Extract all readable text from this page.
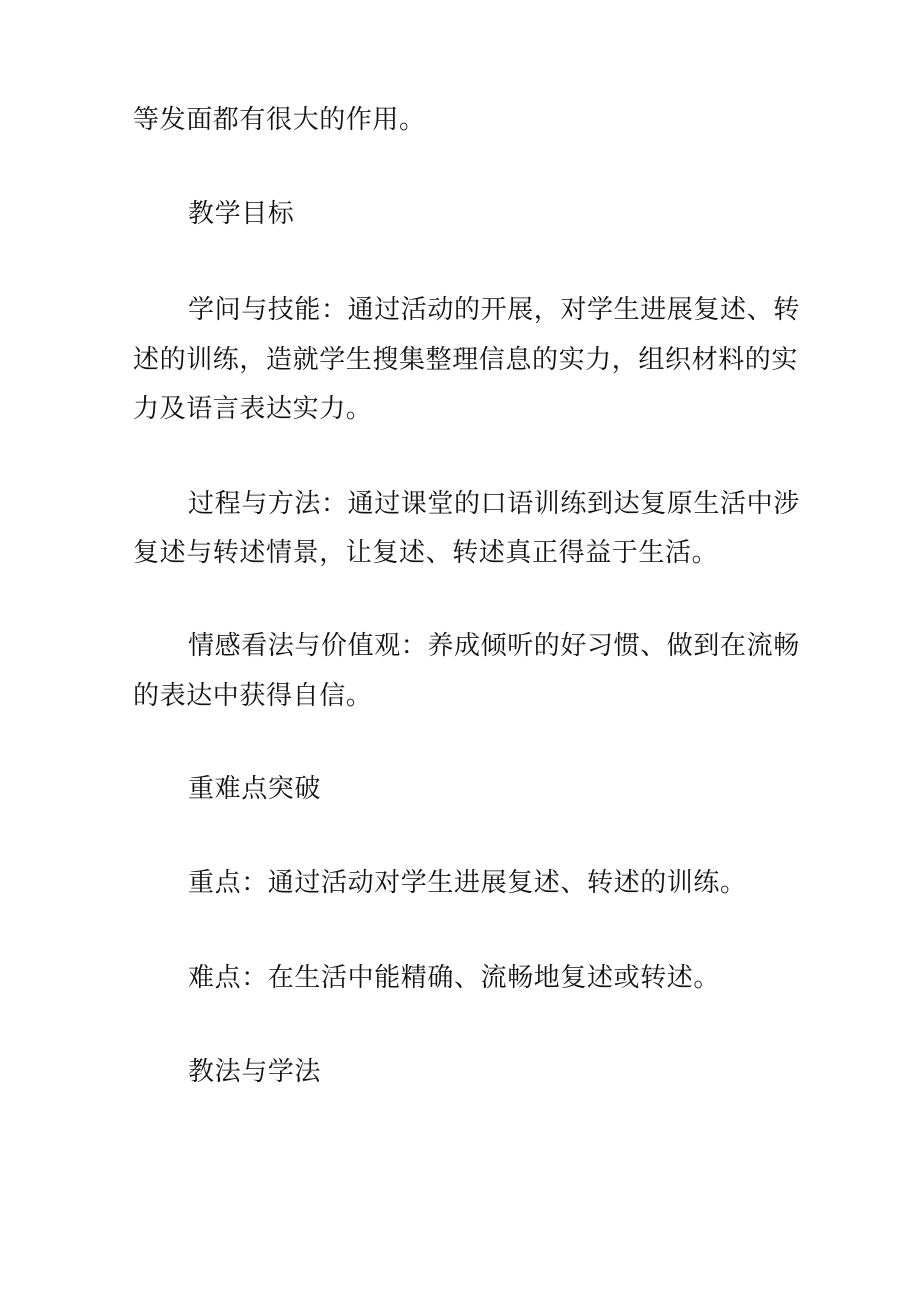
等发面都有很大的作用。
教学目标
学问与技能：通过活动的开展，对学生进展复述、转
述的训练，造就学生搜集整理信息的实力，组织材料的实
力及语言表达实力。
过程与方法：通过课堂的口语训练到达复原生活中涉
复述与转述情景，让复述、转述真正得益于生活。
情感看法与价值观：养成倾听的好习惯、做到在流畅
的表达中获得自信。
重难点突破
重点：通过活动对学生进展复述、转述的训练。
难点：在生活中能精确、流畅地复述或转述。
教法与学法
